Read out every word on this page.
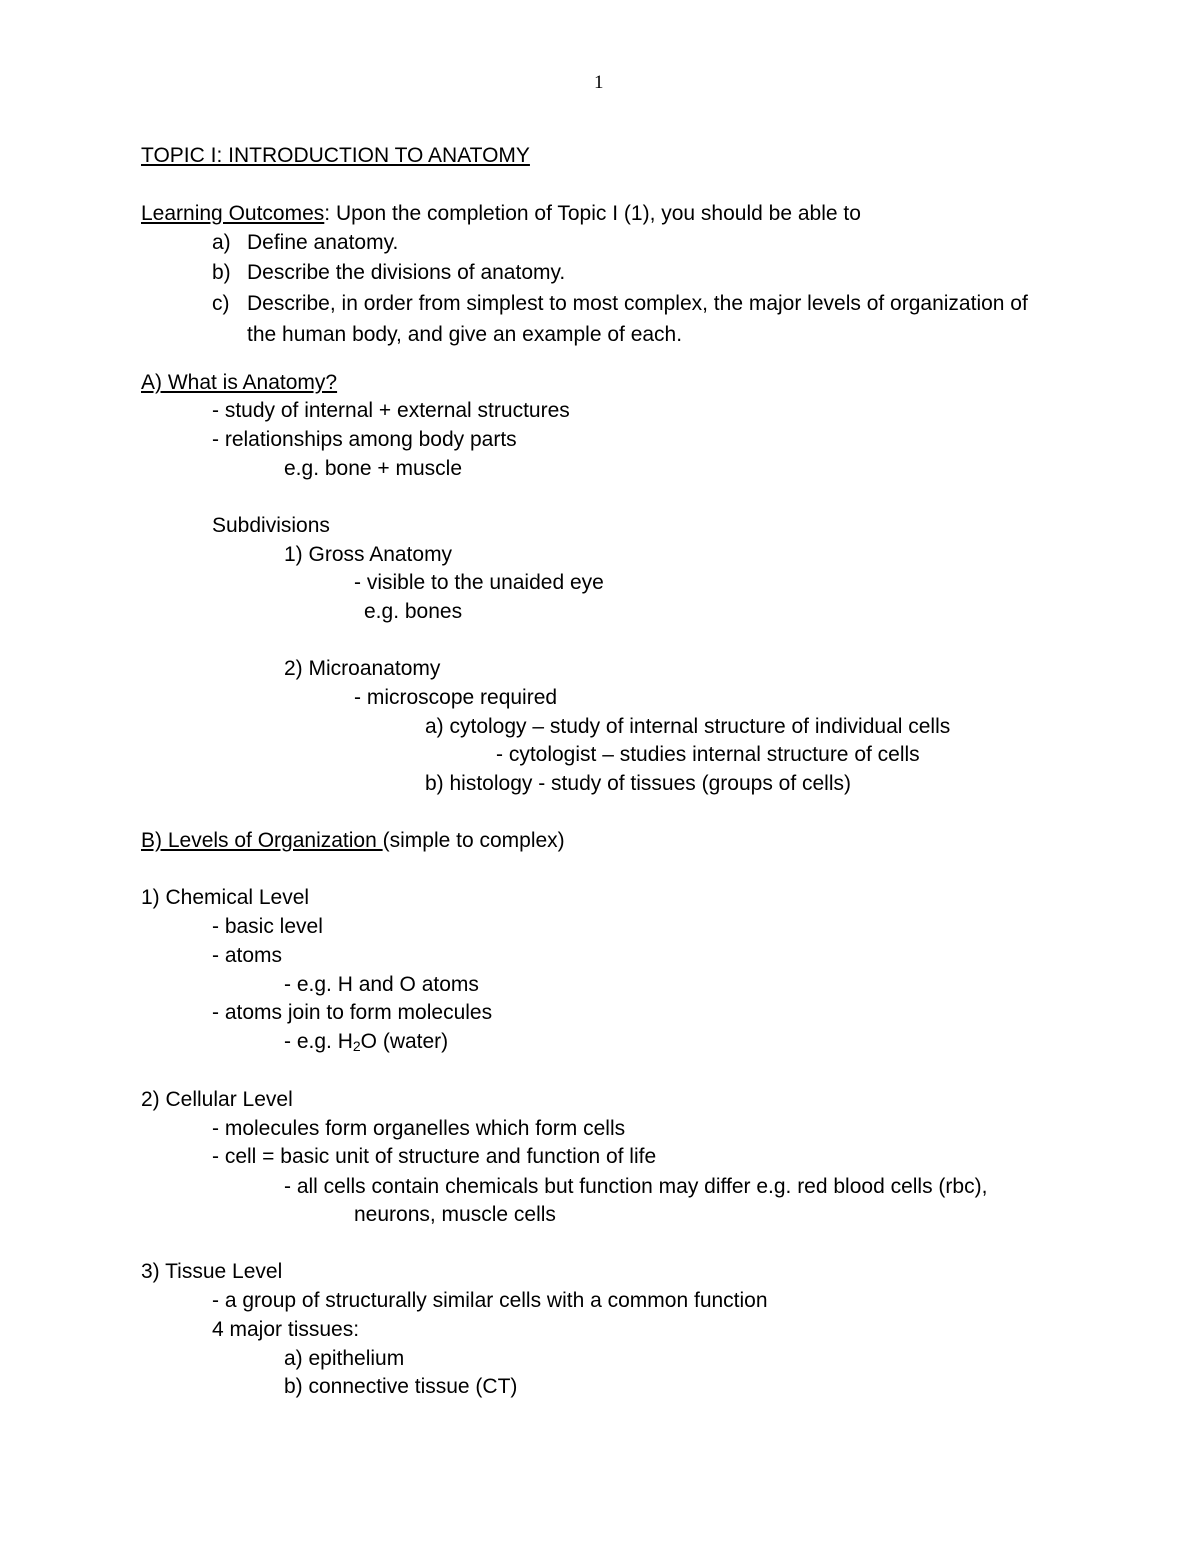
1
TOPIC I: INTRODUCTION TO ANATOMY
Learning Outcomes: Upon the completion of Topic I (1), you should be able to
a) Define anatomy.
b) Describe the divisions of anatomy.
c) Describe, in order from simplest to most complex, the major levels of organization of
the human body, and give an example of each.
A) What is Anatomy?
- study of internal + external structures
- relationships among body parts
e.g. bone + muscle
Subdivisions
1) Gross Anatomy
- visible to the unaided eye
e.g. bones
2) Microanatomy
- microscope required
a) cytology – study of internal structure of individual cells
- cytologist – studies internal structure of cells
b) histology - study of tissues (groups of cells)
B) Levels of Organization (simple to complex)
1) Chemical Level
- basic level
- atoms
- e.g. H and O atoms
- atoms join to form molecules
- e.g. $H_2O$ (water)
2) Cellular Level
- molecules form organelles which form cells
- cell = basic unit of structure and function of life
- all cells contain chemicals but function may differ e.g. red blood cells (rbc),
neurons, muscle cells
3) Tissue Level
- a group of structurally similar cells with a common function
4 major tissues:
a) epithelium
b) connective tissue (CT)
